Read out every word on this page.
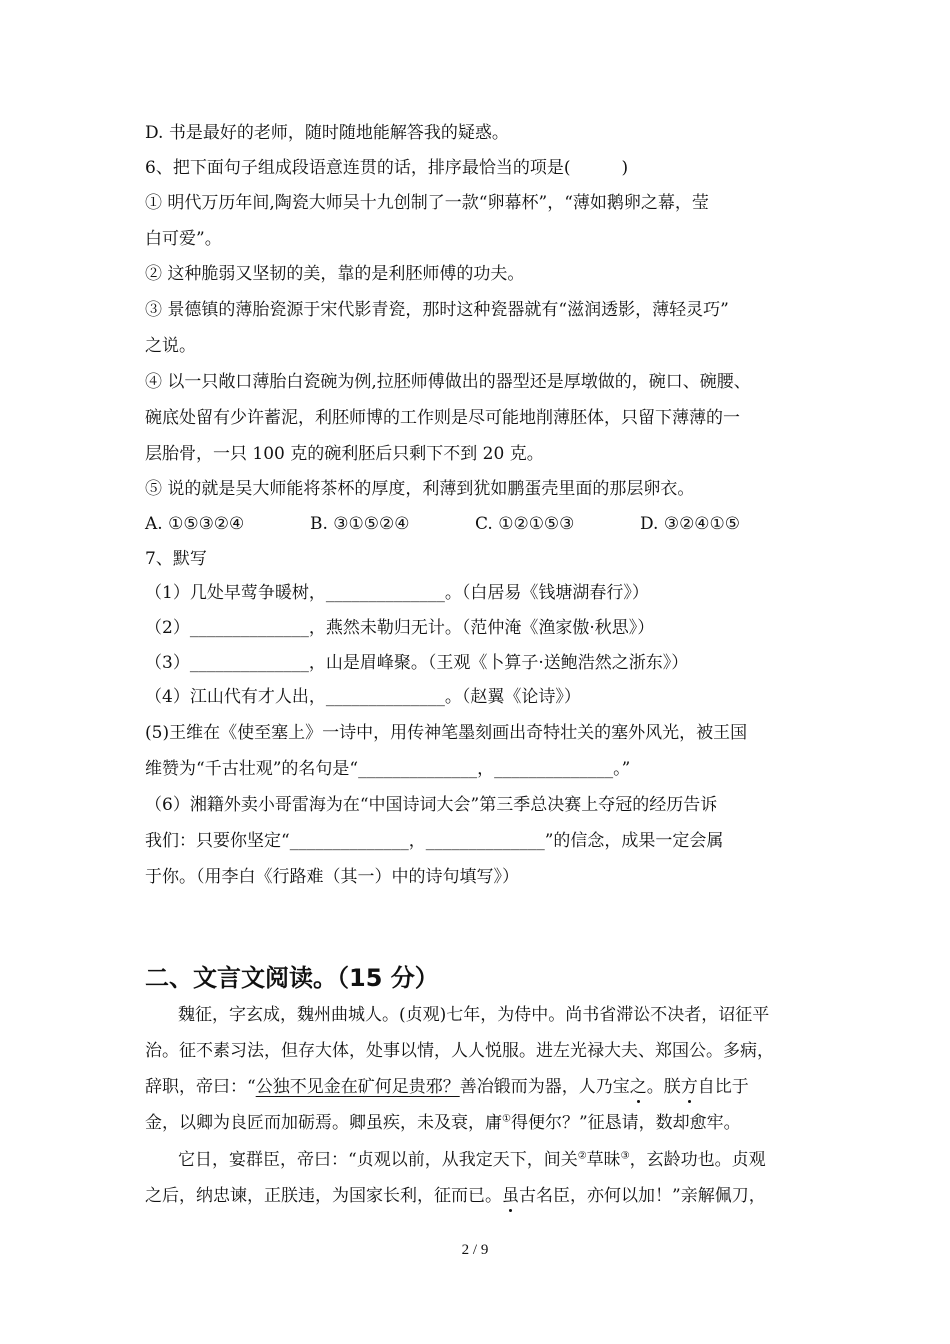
D. 书是最好的老师，随时随地能解答我的疑惑。
6、把下面句子组成段语意连贯的话，排序最恰当的项是(　　　)
① 明代万历年间,陶瓷大师吴十九创制了一款“卵幕杯”，“薄如鹅卵之幕，莹
白可爱”。
② 这种脆弱又坚韧的美，靠的是利胚师傅的功夫。
③ 景德镇的薄胎瓷源于宋代影青瓷，那时这种瓷器就有“滋润透影，薄轻灵巧”
之说。
④ 以一只敞口薄胎白瓷碗为例,拉胚师傅做出的器型还是厚墩做的，碗口、碗腰、
碗底处留有少许蓄泥，利胚师博的工作则是尽可能地削薄胚体，只留下薄薄的一
层胎骨，一只 100 克的碗利胚后只剩下不到 20 克。
⑤ 说的就是吴大师能将茶杯的厚度，利薄到犹如鹏蛋壳里面的那层卵衣。
A. ①⑤③②④	B. ③①⑤②④	C. ①②①⑤③	D. ③②④①⑤
7、默写
（1）几处早莺争暖树，______________。（白居易《钱塘湖春行》）
（2）______________，燕然未勒归无计。（范仲淹《渔家傲·秋思》）
（3）______________，山是眉峰聚。（王观《卜算子·送鲍浩然之浙东》）
（4）江山代有才人出，______________。（赵翼《论诗》）
(5)王维在《使至塞上》一诗中，用传神笔墨刻画出奇特壮关的塞外风光，被王国
维赞为“千古壮观”的名句是“______________，______________。”
（6）湘籍外卖小哥雷海为在“中国诗词大会”第三季总决赛上夺冠的经历告诉
我们：只要你坚定“______________，______________”的信念，成果一定会属
于你。（用李白《行路难（其一）中的诗句填写》）
二、文言文阅读。（15 分）
魏征，字玄成，魏州曲城人。(贞观)七年，为侍中。尚书省滞讼不决者，诏征平
治。征不素习法，但存大体，处事以情，人人悦服。进左光禄大夫、郑国公。多病，
辞职，帝曰：“公独不见金在矿何足贵邪？善冶锻而为器，人乃宝之。朕方自比于
金，以卿为良匠而加砺焉。卿虽疾，未及衰，庸①得便尔？”征恳请，数却愈牢。
它日，宴群臣，帝曰：“贞观以前，从我定天下，间关②草昧③，玄龄功也。贞观
之后，纳忠谏，正朕违，为国家长利，征而已。虽古名臣，亦何以加！”亲解佩刀，
2 / 9
